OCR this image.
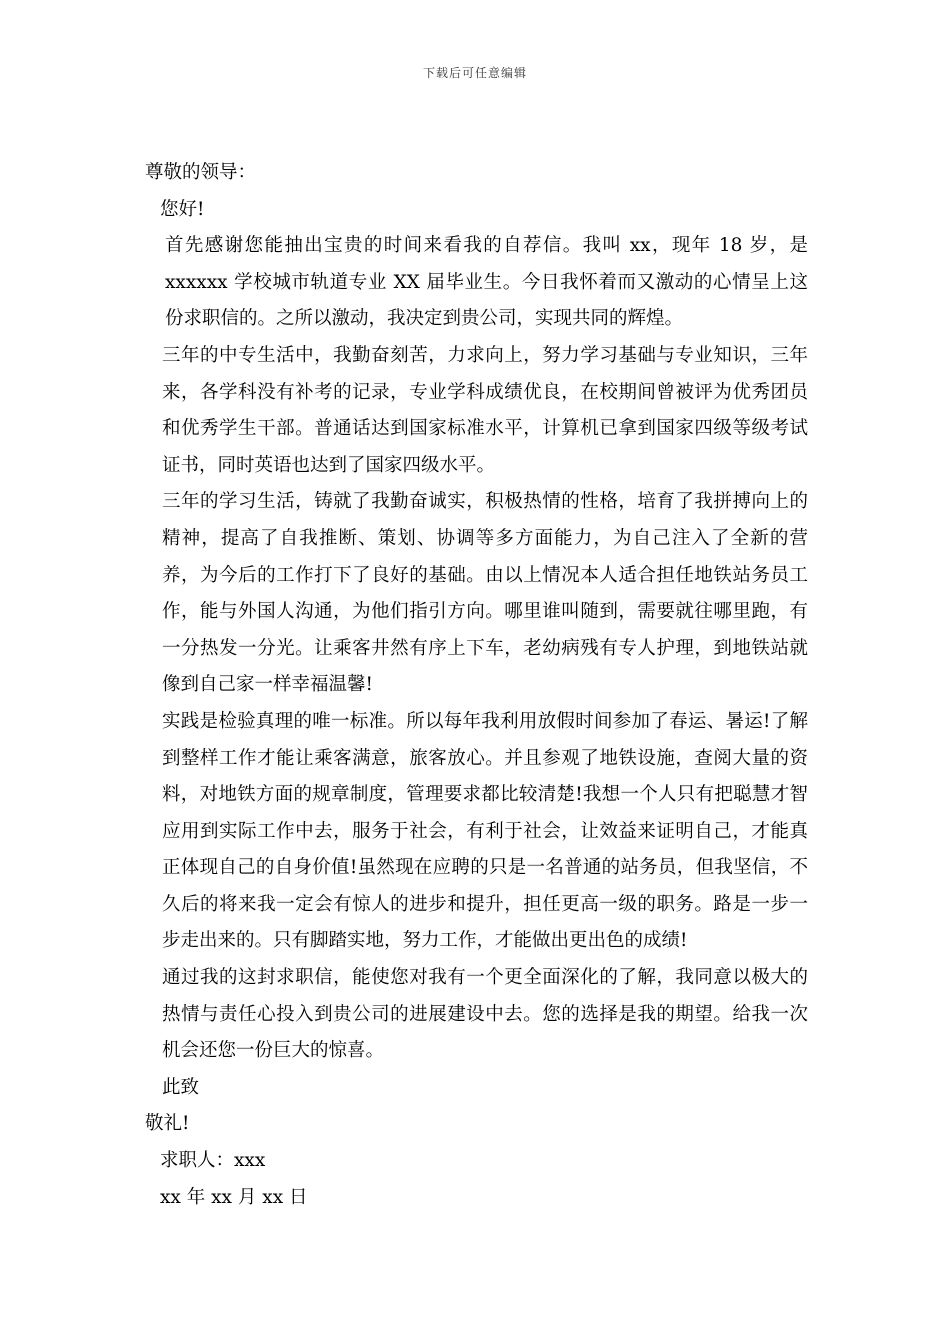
下载后可任意编辑
尊敬的领导：
您好!
首先感谢您能抽出宝贵的时间来看我的自荐信。我叫 xx，现年 18 岁，是 xxxxxx 学校城市轨道专业 XX 届毕业生。今日我怀着而又激动的心情呈上这份求职信的。之所以激动，我决定到贵公司，实现共同的辉煌。
三年的中专生活中，我勤奋刻苦，力求向上，努力学习基础与专业知识，三年来，各学科没有补考的记录，专业学科成绩优良，在校期间曾被评为优秀团员和优秀学生干部。普通话达到国家标准水平，计算机已拿到国家四级等级考试证书，同时英语也达到了国家四级水平。
三年的学习生活，铸就了我勤奋诚实，积极热情的性格，培育了我拼搏向上的精神，提高了自我推断、策划、协调等多方面能力，为自己注入了全新的营养，为今后的工作打下了良好的基础。由以上情况本人适合担任地铁站务员工作，能与外国人沟通，为他们指引方向。哪里谁叫随到，需要就往哪里跑，有一分热发一分光。让乘客井然有序上下车，老幼病残有专人护理，到地铁站就像到自己家一样幸福温馨!
实践是检验真理的唯一标准。所以每年我利用放假时间参加了春运、暑运!了解到整样工作才能让乘客满意，旅客放心。并且参观了地铁设施，查阅大量的资料，对地铁方面的规章制度，管理要求都比较清楚!我想一个人只有把聪慧才智应用到实际工作中去，服务于社会，有利于社会，让效益来证明自己，才能真正体现自己的自身价值!虽然现在应聘的只是一名普通的站务员，但我坚信，不久后的将来我一定会有惊人的进步和提升，担任更高一级的职务。路是一步一步走出来的。只有脚踏实地，努力工作，才能做出更出色的成绩!
通过我的这封求职信，能使您对我有一个更全面深化的了解，我同意以极大的热情与责任心投入到贵公司的进展建设中去。您的选择是我的期望。给我一次机会还您一份巨大的惊喜。
此致
敬礼!
求职人：xxx
xx 年 xx 月 xx 日
